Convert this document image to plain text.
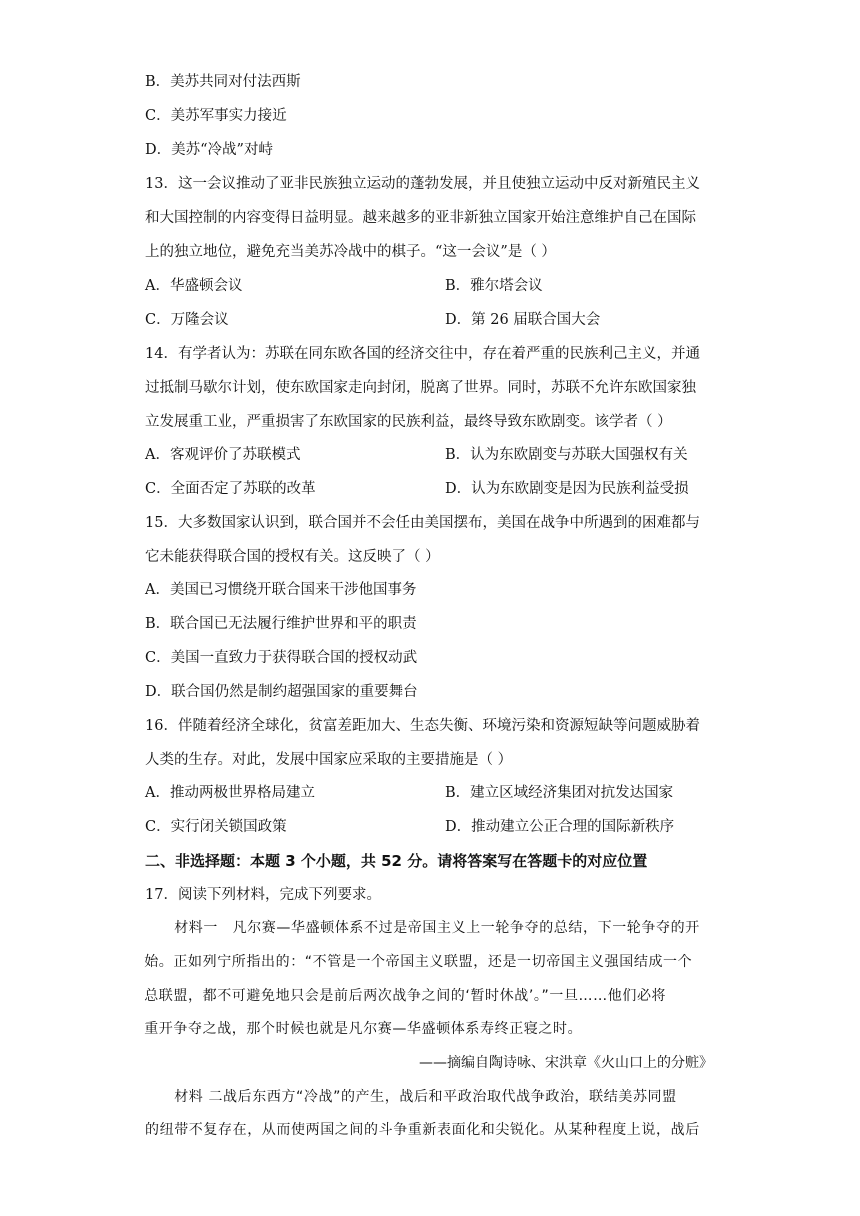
B．美苏共同对付法西斯
C．美苏军事实力接近
D．美苏“冷战”对峙
13．这一会议推动了亚非民族独立运动的蓬勃发展，并且使独立运动中反对新殖民主义
和大国控制的内容变得日益明显。越来越多的亚非新独立国家开始注意维护自己在国际
上的独立地位，避免充当美苏冷战中的棋子。“这一会议”是（ ）
A．华盛顿会议	B．雅尔塔会议
C．万隆会议	D．第 26 届联合国大会
14．有学者认为：苏联在同东欧各国的经济交往中，存在着严重的民族利己主义，并通
过抵制马歇尔计划，使东欧国家走向封闭，脱离了世界。同时，苏联不允许东欧国家独
立发展重工业，严重损害了东欧国家的民族利益，最终导致东欧剧变。该学者（ ）
A．客观评价了苏联模式	B．认为东欧剧变与苏联大国强权有关
C．全面否定了苏联的改革	D．认为东欧剧变是因为民族利益受损
15．大多数国家认识到，联合国并不会任由美国摆布，美国在战争中所遇到的困难都与
它未能获得联合国的授权有关。这反映了（ ）
A．美国已习惯绕开联合国来干涉他国事务
B．联合国已无法履行维护世界和平的职责
C．美国一直致力于获得联合国的授权动武
D．联合国仍然是制约超强国家的重要舞台
16．伴随着经济全球化，贫富差距加大、生态失衡、环境污染和资源短缺等问题威胁着
人类的生存。对此，发展中国家应采取的主要措施是（ ）
A．推动两极世界格局建立	B．建立区域经济集团对抗发达国家
C．实行闭关锁国政策	D．推动建立公正合理的国际新秩序
二、非选择题：本题 3 个小题，共 52 分。请将答案写在答题卡的对应位置
17．阅读下列材料，完成下列要求。
　　材料一　凡尔赛—华盛顿体系不过是帝国主义上一轮争夺的总结，下一轮争夺的开
　　始。正如列宁所指出的：“不管是一个帝国主义联盟，还是一切帝国主义强国结成一个
　　总联盟，都不可避免地只会是前后两次战争之间的‘暂时休战’。”一旦……他们必将
　　重开争夺之战，那个时候也就是凡尔赛—华盛顿体系寿终正寝之时。
——摘编自陶诗咏、宋洪章《火山口上的分赃》
　　材料 二战后东西方“冷战”的产生，战后和平政治取代战争政治，联结美苏同盟
的纽带不复存在，从而使两国之间的斗争重新表面化和尖锐化。从某种程度上说，战后
